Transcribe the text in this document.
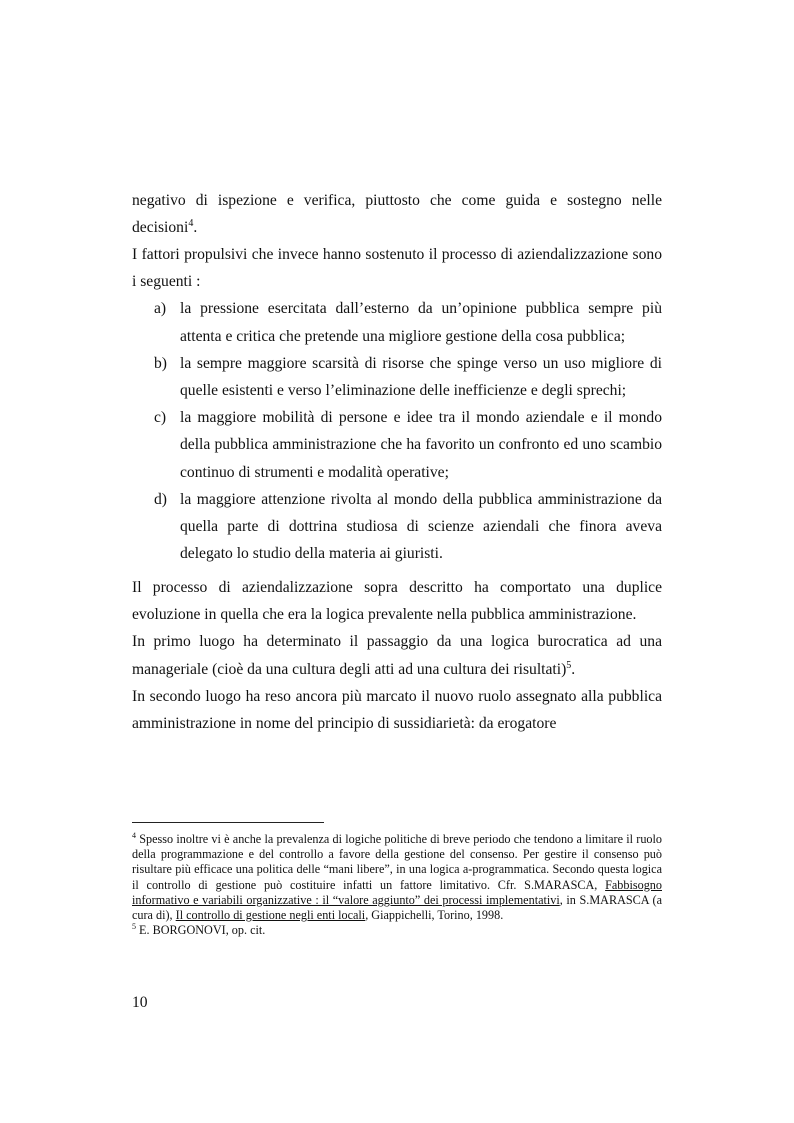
negativo di ispezione e verifica, piuttosto che come guida e sostegno nelle decisioni$^4$.

I fattori propulsivi che invece hanno sostenuto il processo di aziendalizzazione sono i seguenti :

a) la pressione esercitata dall’esterno da un’opinione pubblica sempre più attenta e critica che pretende una migliore gestione della cosa pubblica;
b) la sempre maggiore scarsità di risorse che spinge verso un uso migliore di quelle esistenti e verso l’eliminazione delle inefficienze e degli sprechi;
c) la maggiore mobilità di persone e idee tra il mondo aziendale e il mondo della pubblica amministrazione che ha favorito un confronto ed uno scambio continuo di strumenti e modalità operative;
d) la maggiore attenzione rivolta al mondo della pubblica amministrazione da quella parte di dottrina studiosa di scienze aziendali che finora aveva delegato lo studio della materia ai giuristi.

Il processo di aziendalizzazione sopra descritto ha comportato una duplice evoluzione in quella che era la logica prevalente nella pubblica amministrazione.

In primo luogo ha determinato il passaggio da una logica burocratica ad una manageriale (cioè da una cultura degli atti ad una cultura dei risultati)$^5$.

In secondo luogo ha reso ancora più marcato il nuovo ruolo assegnato alla pubblica amministrazione in nome del principio di sussidiarietà: da erogatore

$^4$ Spesso inoltre vi è anche la prevalenza di logiche politiche di breve periodo che tendono a limitare il ruolo della programmazione e del controllo a favore della gestione del consenso. Per gestire il consenso può risultare più efficace una politica delle “mani libere”, in una logica a-programmatica. Secondo questa logica il controllo di gestione può costituire infatti un fattore limitativo. Cfr. S.MARASCA, Fabbisogno informativo e variabili organizzative : il “valore aggiunto” dei processi implementativi, in S.MARASCA (a cura di), Il controllo di gestione negli enti locali, Giappichelli, Torino, 1998.

$^5$ E. BORGONOVI, op. cit.

10
